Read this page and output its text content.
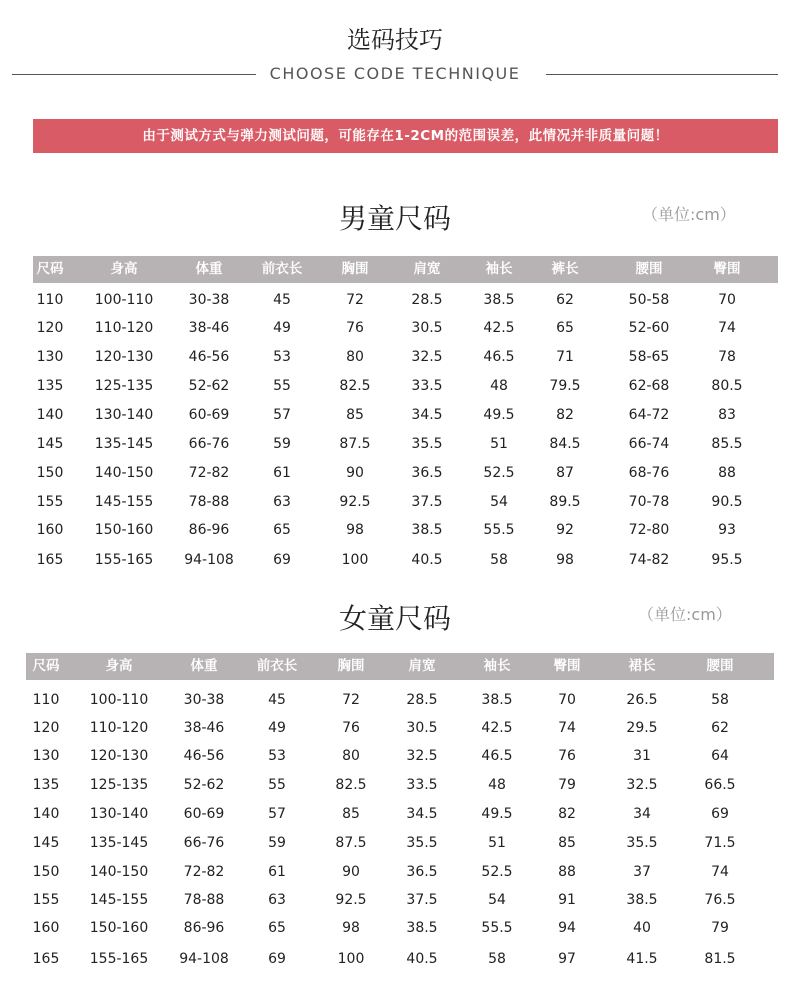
选码技巧
CHOOSE CODE TECHNIQUE
由于测试方式与弹力测试问题，可能存在1-2CM的范围误差，此情况并非质量问题！
男童尺码	（单位:cm）
尺码	身高	体重	前衣长	胸围	肩宽	袖长	裤长	腰围	臀围
110 100-110	30-38	45	72	28.5	38.5	62	50-58	70
120 110-120	38-46	49	76	30.5	42.5	65	52-60	74
130 120-130	46-56	53	80	32.5	46.5	71	58-65	78
135 125-135	52-62	55	82.5	33.5	48	79.5	62-68	80.5
140 130-140	60-69	57	85	34.5	49.5	82	64-72	83
145 135-145	66-76	59	87.5	35.5	51	84.5	66-74	85.5
150 140-150	72-82	61	90	36.5	52.5	87	68-76	88
155 145-155	78-88	63	92.5	37.5	54	89.5	70-78	90.5
160 150-160	86-96	65	98	38.5	55.5	92	72-80	93
165 155-165 94-108	69	100	40.5	58	98	74-82	95.5
女童尺码	（单位:cm）
尺码	身高	体重	前衣长	胸围	肩宽	袖长	臀围	裙长	腰围
110 100-110	30-38	45	72	28.5	38.5	70	26.5	58
120 110-120	38-46	49	76	30.5	42.5	74	29.5	62
130 120-130	46-56	53	80	32.5	46.5	76	31	64
135 125-135	52-62	55	82.5	33.5	48	79	32.5	66.5
140 130-140	60-69	57	85	34.5	49.5	82	34	69
145 135-145	66-76	59	87.5	35.5	51	85	35.5	71.5
150 140-150	72-82	61	90	36.5	52.5	88	37	74
155 145-155	78-88	63	92.5	37.5	54	91	38.5	76.5
160 150-160	86-96	65	98	38.5	55.5	94	40	79
165 155-165 94-108	69	100	40.5	58	97	41.5	81.5
